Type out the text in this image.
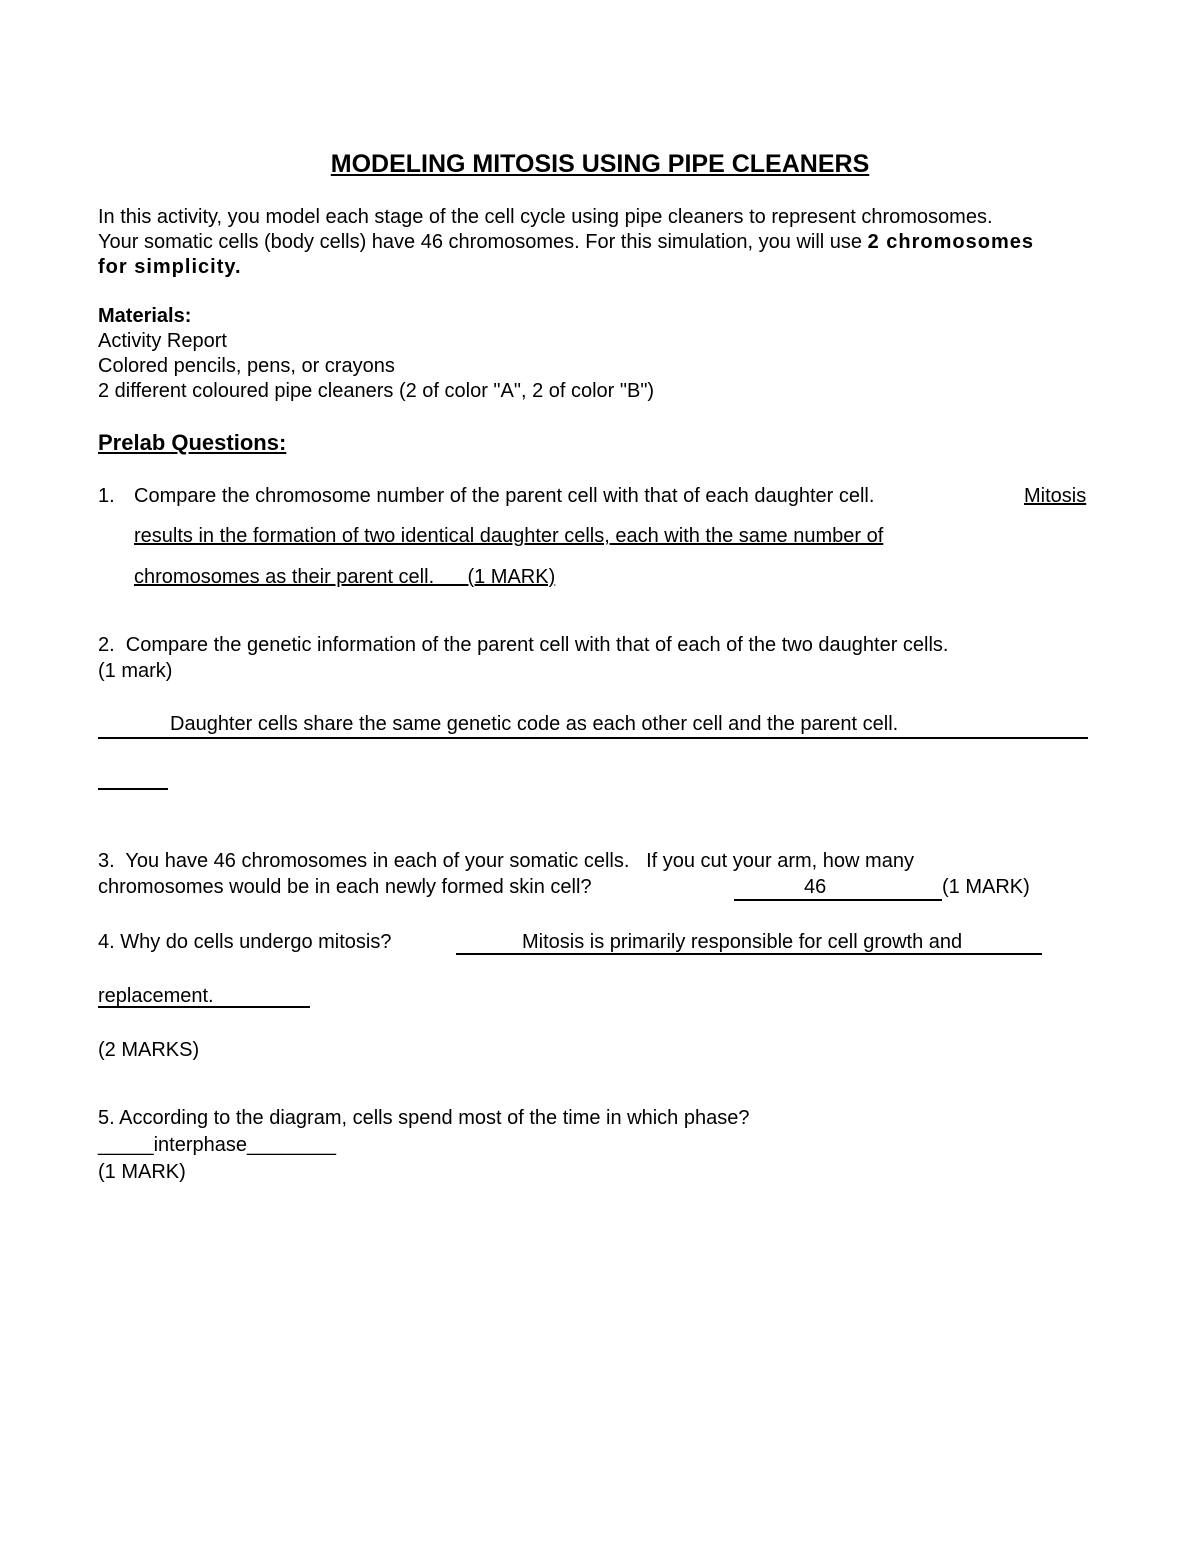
MODELING MITOSIS USING PIPE CLEANERS
In this activity, you model each stage of the cell cycle using pipe cleaners to represent chromosomes.
Your somatic cells (body cells) have 46 chromosomes. For this simulation, you will use 2 chromosomes
for simplicity.
Materials:
Activity Report
Colored pencils, pens, or crayons
2 different coloured pipe cleaners (2 of color "A", 2 of color "B")
Prelab Questions:
1. Compare the chromosome number of the parent cell with that of each daughter cell.	Mitosis
results in the formation of two identical daughter cells, each with the same number of
chromosomes as their parent cell.      (1 MARK)
2.  Compare the genetic information of the parent cell with that of each of the two daughter cells.
(1 mark)
Daughter cells share the same genetic code as each other cell and the parent cell.
3.  You have 46 chromosomes in each of your somatic cells.   If you cut your arm, how many
chromosomes would be in each newly formed skin cell?	46	(1 MARK)
4. Why do cells undergo mitosis?	Mitosis is primarily responsible for cell growth and
replacement.
(2 MARKS)
5. According to the diagram, cells spend most of the time in which phase?
_____interphase________
(1 MARK)
